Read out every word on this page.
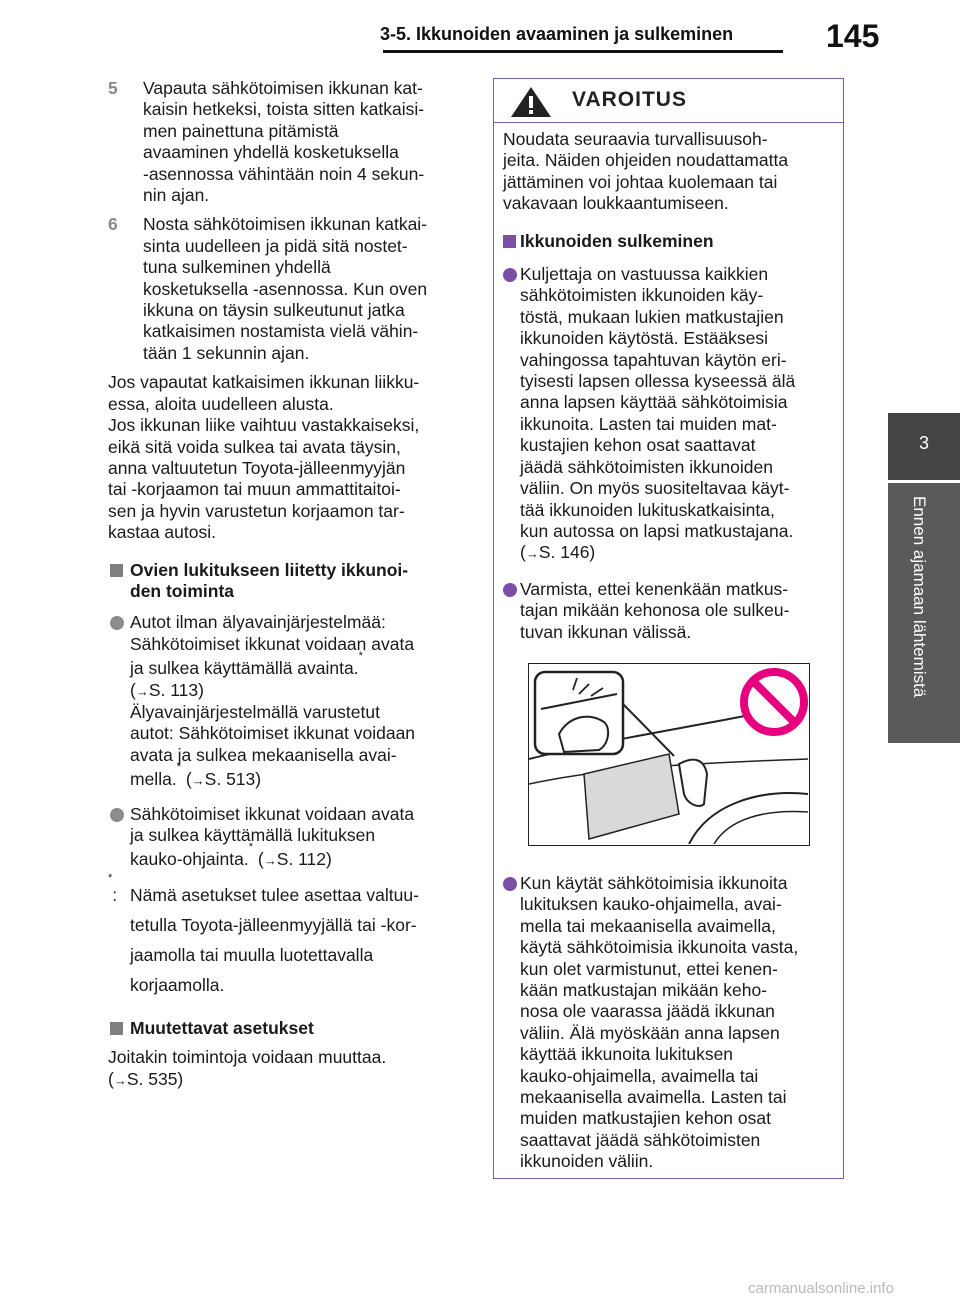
3-5. Ikkunoiden avaaminen ja sulkeminen	145
3
Ennen ajamaan lähtemistä
5 Vapauta sähkötoimisen ikkunan kat-
kaisin hetkeksi, toista sitten katkaisi-
men painettuna pitämistä
avaaminen yhdellä kosketuksella
-asennossa vähintään noin 4 sekun-
nin ajan.
6 Nosta sähkötoimisen ikkunan katkai-
sinta uudelleen ja pidä sitä nostet-
tuna sulkeminen yhdellä
kosketuksella -asennossa. Kun oven
ikkuna on täysin sulkeutunut jatka
katkaisimen nostamista vielä vähin-
tään 1 sekunnin ajan.
Jos vapautat katkaisimen ikkunan liikku-
essa, aloita uudelleen alusta.
Jos ikkunan liike vaihtuu vastakkaiseksi,
eikä sitä voida sulkea tai avata täysin,
anna valtuutetun Toyota-jälleenmyyjän
tai -korjaamon tai muun ammattitaitoi-
sen ja hyvin varustetun korjaamon tar-
kastaa autosi.
Ovien lukitukseen liitetty ikkunoi-
den toiminta
Autot ilman älyavainjärjestelmää:
Sähkötoimiset ikkunat voidaan avata
ja sulkea käyttämällä avainta.*
(→S. 113)
Älyavainjärjestelmällä varustetut
autot: Sähkötoimiset ikkunat voidaan
avata ja sulkea mekaanisella avai-
mella.* (→S. 513)
Sähkötoimiset ikkunat voidaan avata
ja sulkea käyttämällä lukituksen
kauko-ohjainta.* (→S. 112)
*: Nämä asetukset tulee asettaa valtuu-
tetulla Toyota-jälleenmyyjällä tai -kor-
jaamolla tai muulla luotettavalla
korjaamolla.
Muutettavat asetukset
Joitakin toimintoja voidaan muuttaa.
(→S. 535)
VAROITUS
Noudata seuraavia turvallisuusoh-
jeita. Näiden ohjeiden noudattamatta
jättäminen voi johtaa kuolemaan tai
vakavaan loukkaantumiseen.
Ikkunoiden sulkeminen
Kuljettaja on vastuussa kaikkien
sähkötoimisten ikkunoiden käy-
töstä, mukaan lukien matkustajien
ikkunoiden käytöstä. Estääksesi
vahingossa tapahtuvan käytön eri-
tyisesti lapsen ollessa kyseessä älä
anna lapsen käyttää sähkötoimisia
ikkunoita. Lasten tai muiden mat-
kustajien kehon osat saattavat
jäädä sähkötoimisten ikkunoiden
väliin. On myös suositeltavaa käyt-
tää ikkunoiden lukituskatkaisinta,
kun autossa on lapsi matkustajana.
(→S. 146)
Varmista, ettei kenenkään matkus-
tajan mikään kehonosa ole sulkeu-
tuvan ikkunan välissä.
Kun käytät sähkötoimisia ikkunoita
lukituksen kauko-ohjaimella, avai-
mella tai mekaanisella avaimella,
käytä sähkötoimisia ikkunoita vasta,
kun olet varmistunut, ettei kenen-
kään matkustajan mikään keho-
nosa ole vaarassa jäädä ikkunan
väliin. Älä myöskään anna lapsen
käyttää ikkunoita lukituksen
kauko-ohjaimella, avaimella tai
mekaanisella avaimella. Lasten tai
muiden matkustajien kehon osat
saattavat jäädä sähkötoimisten
ikkunoiden väliin.
carmanualsonline.info
